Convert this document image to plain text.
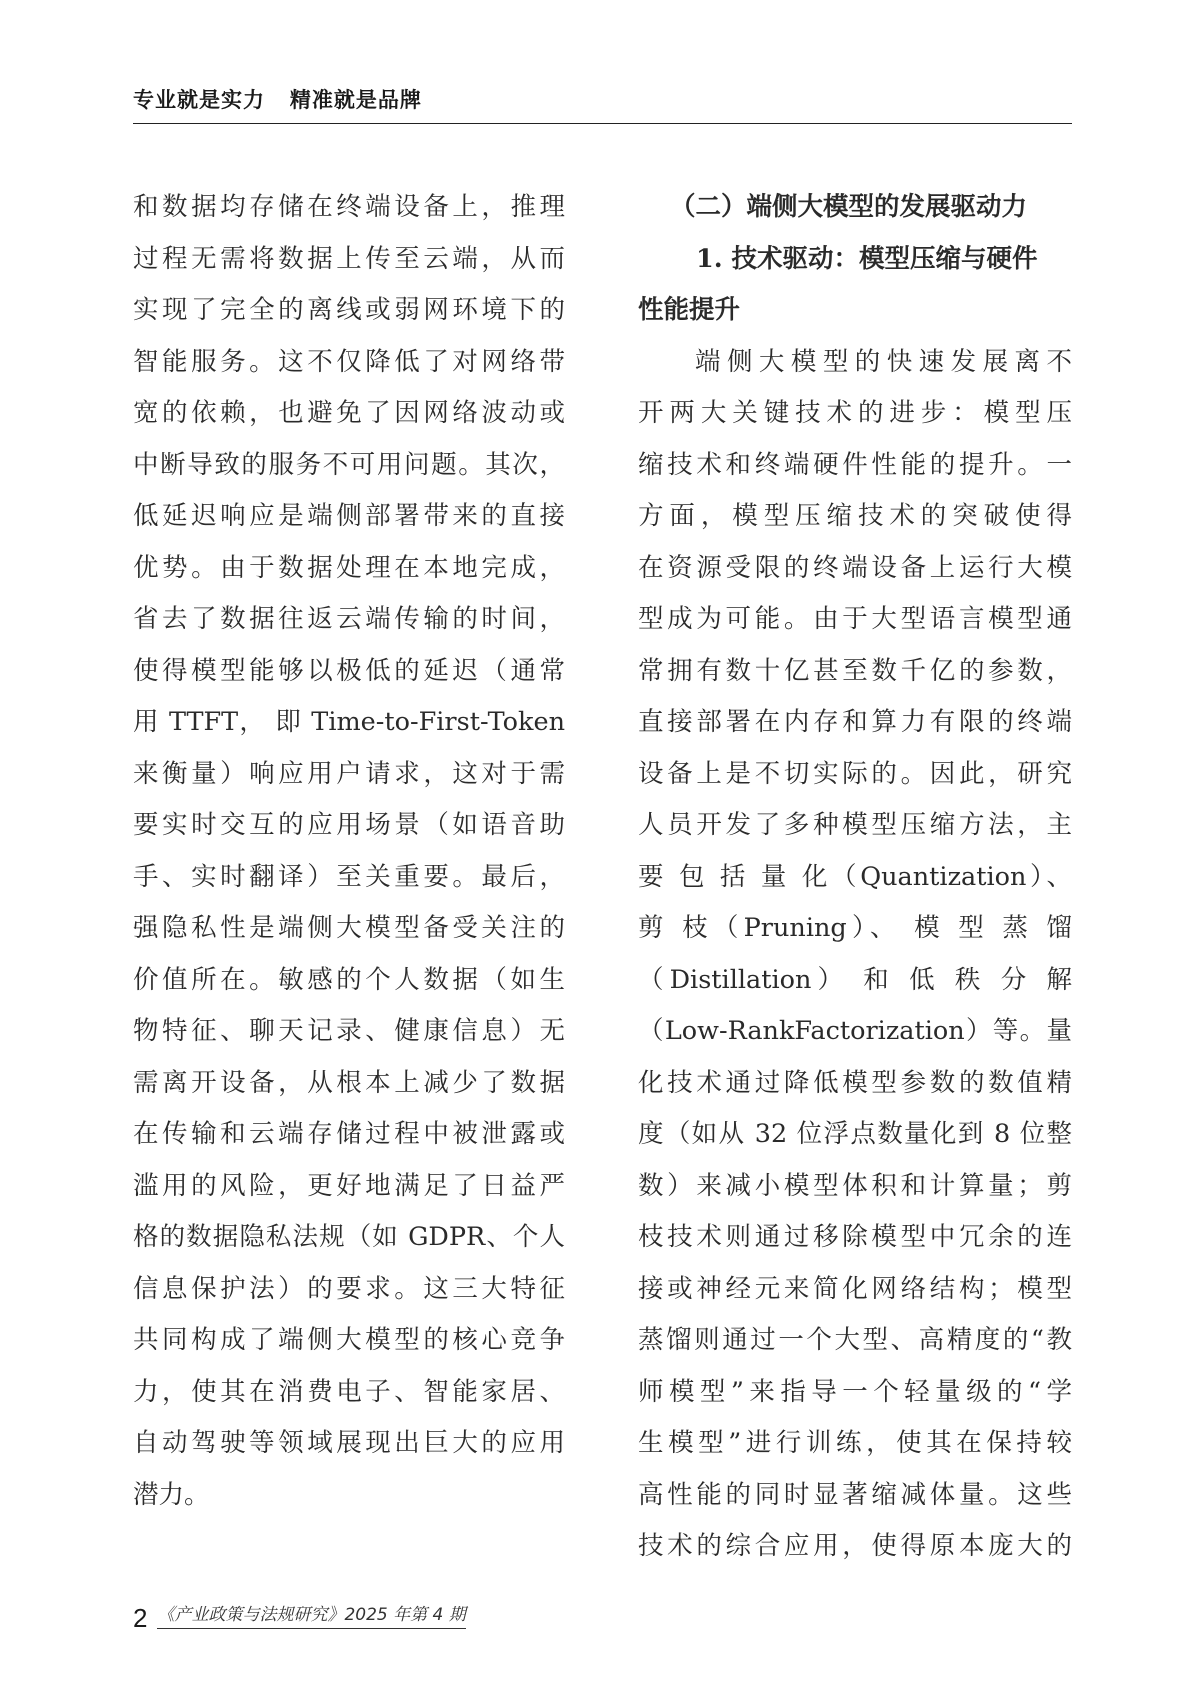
专业就是实力   精准就是品牌
和数据均存储在终端设备上，推理
过程无需将数据上传至云端，从而
实现了完全的离线或弱网环境下的
智能服务。这不仅降低了对网络带
宽的依赖，也避免了因网络波动或
中断导致的服务不可用问题。其次，
低延迟响应是端侧部署带来的直接
优势。由于数据处理在本地完成，
省去了数据往返云端传输的时间，
使得模型能够以极低的延迟（通常
用 TTFT， 即 Time-to-First-Token
来衡量）响应用户请求，这对于需
要实时交互的应用场景（如语音助
手、实时翻译）至关重要。最后，
强隐私性是端侧大模型备受关注的
价值所在。敏感的个人数据（如生
物特征、聊天记录、健康信息）无
需离开设备，从根本上减少了数据
在传输和云端存储过程中被泄露或
滥用的风险，更好地满足了日益严
格的数据隐私法规（如 GDPR、个人
信息保护法）的要求。这三大特征
共同构成了端侧大模型的核心竞争
力，使其在消费电子、智能家居、
自动驾驶等领域展现出巨大的应用
潜力。
（二）端侧大模型的发展驱动力
1. 技术驱动：模型压缩与硬件
性能提升
端侧大模型的快速发展离不
开两大关键技术的进步：模型压
缩技术和终端硬件性能的提升。一
方面，模型压缩技术的突破使得
在资源受限的终端设备上运行大模
型成为可能。由于大型语言模型通
常拥有数十亿甚至数千亿的参数，
直接部署在内存和算力有限的终端
设备上是不切实际的。因此，研究
人员开发了多种模型压缩方法，主
要 包 括 量 化（Quantization）、
剪 枝（Pruning）、 模 型 蒸 馏
（Distillation） 和 低 秩 分 解
（Low-RankFactorization）等。量
化技术通过降低模型参数的数值精
度（如从 32 位浮点数量化到 8 位整
数）来减小模型体积和计算量；剪
枝技术则通过移除模型中冗余的连
接或神经元来简化网络结构；模型
蒸馏则通过一个大型、高精度的“教
师模型”来指导一个轻量级的“学
生模型”进行训练，使其在保持较
高性能的同时显著缩减体量。这些
技术的综合应用，使得原本庞大的
2 《产业政策与法规研究》2025 年第 4 期
